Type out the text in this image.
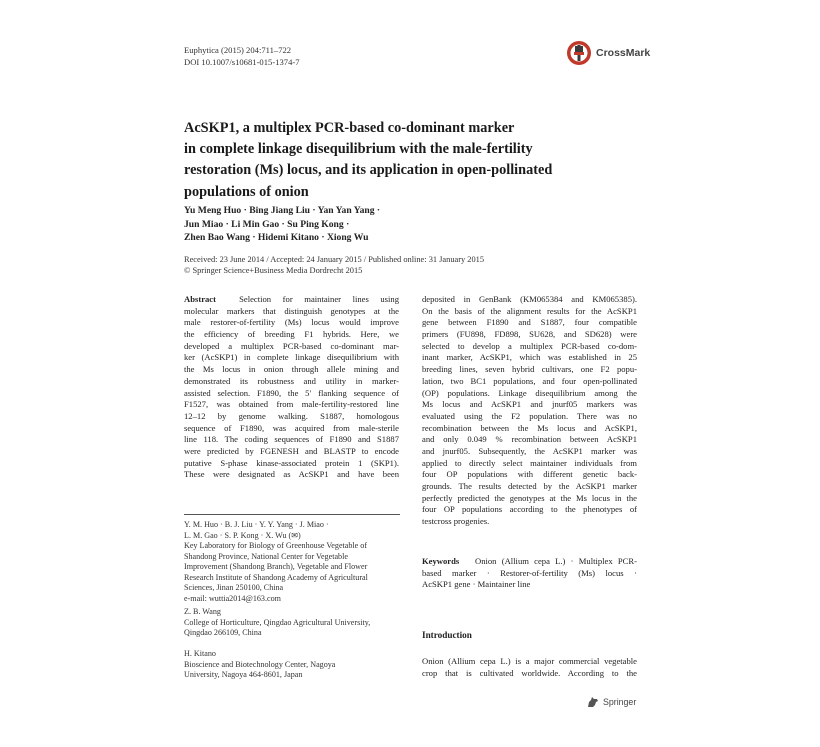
Euphytica (2015) 204:711–722
DOI 10.1007/s10681-015-1374-7
CrossMark
AcSKP1, a multiplex PCR-based co-dominant marker
in complete linkage disequilibrium with the male-fertility
restoration (Ms) locus, and its application in open-pollinated
populations of onion
Yu Meng Huo · Bing Jiang Liu · Yan Yan Yang ·
Jun Miao · Li Min Gao · Su Ping Kong ·
Zhen Bao Wang · Hidemi Kitano · Xiong Wu
Received: 23 June 2014 / Accepted: 24 January 2015 / Published online: 31 January 2015
© Springer Science+Business Media Dordrecht 2015
Abstract	Selection for maintainer lines using
molecular markers that distinguish genotypes at the
male restorer-of-fertility (Ms) locus would improve
the efficiency of breeding F1 hybrids. Here, we
developed a multiplex PCR-based co-dominant mar-
ker (AcSKP1) in complete linkage disequilibrium with
the Ms locus in onion through allele mining and
demonstrated its robustness and utility in marker-
assisted selection. F1890, the 5′ flanking sequence of
F1527, was obtained from male-fertility-restored line
12–12 by genome walking. S1887, homologous
sequence of F1890, was acquired from male-sterile
line 118. The coding sequences of F1890 and S1887
were predicted by FGENESH and BLASTP to encode
putative S-phase kinase-associated protein 1 (SKP1).
These were designated as AcSKP1 and have been
deposited in GenBank (KM065384 and KM065385).
On the basis of the alignment results for the AcSKP1
gene between F1890 and S1887, four compatible
primers (FU898, FD898, SU628, and SD628) were
selected to develop a multiplex PCR-based co-dom-
inant marker, AcSKP1, which was established in 25
breeding lines, seven hybrid cultivars, one F2 popu-
lation, two BC1 populations, and four open-pollinated
(OP) populations. Linkage disequilibrium among the
Ms locus and AcSKP1 and jnurf05 markers was
evaluated using the F2 population. There was no
recombination between the Ms locus and AcSKP1,
and only 0.049 % recombination between AcSKP1
and jnurf05. Subsequently, the AcSKP1 marker was
applied to directly select maintainer individuals from
four OP populations with different genetic back-
grounds. The results detected by the AcSKP1 marker
perfectly predicted the genotypes at the Ms locus in the
four OP populations according to the phenotypes of
testcross progenies.
Y. M. Huo · B. J. Liu · Y. Y. Yang · J. Miao ·
L. M. Gao · S. P. Kong · X. Wu (✉)
Key Laboratory for Biology of Greenhouse Vegetable of
Shandong Province, National Center for Vegetable
Improvement (Shandong Branch), Vegetable and Flower
Research Institute of Shandong Academy of Agricultural
Sciences, Jinan 250100, China
e-mail: wuttia2014@163.com
Z. B. Wang
College of Horticulture, Qingdao Agricultural University,
Qingdao 266109, China
H. Kitano
Bioscience and Biotechnology Center, Nagoya
University, Nagoya 464-8601, Japan
Keywords Onion (Allium cepa L.) · Multiplex PCR-
based marker · Restorer-of-fertility (Ms) locus ·
AcSKP1 gene · Maintainer line
Introduction
Onion (Allium cepa L.) is a major commercial vegetable
crop that is cultivated worldwide. According to the
Springer
